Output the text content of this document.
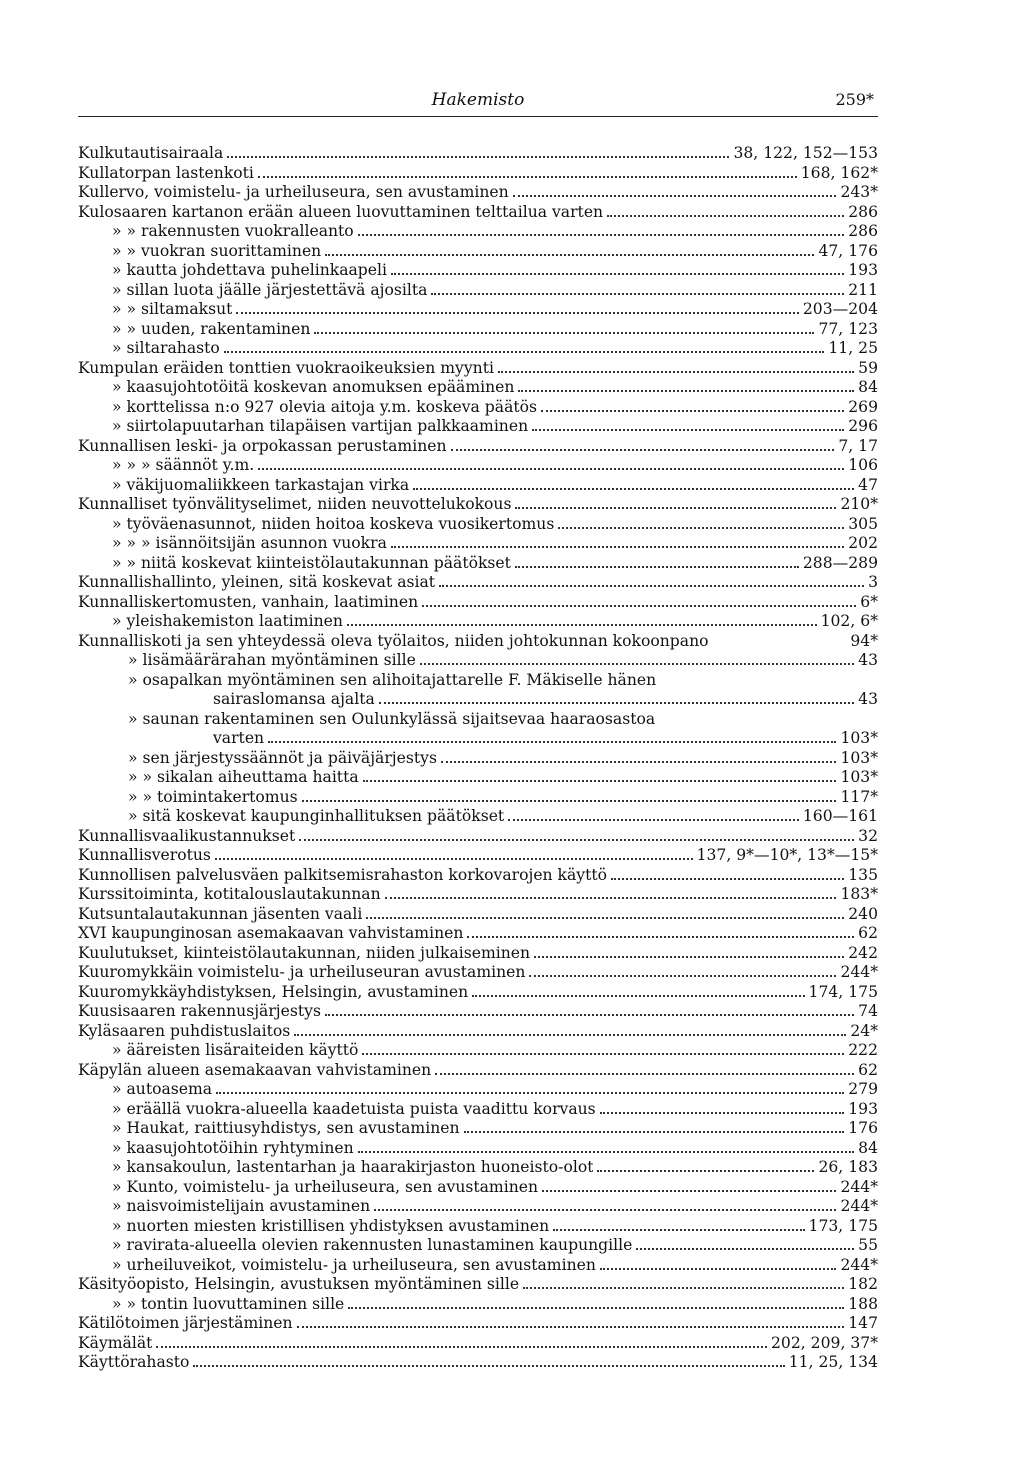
Hakemisto	259*
Kulkutautisairaala	38, 122, 152—153
Kullatorpan lastenkoti	168, 162*
Kullervo, voimistelu- ja urheiluseura, sen avustaminen	243*
Kulosaaren kartanon erään alueen luovuttaminen telttailua varten	286
» » rakennusten vuokralleanto	286
» » vuokran suorittaminen	47, 176
» kautta johdettava puhelinkaapeli	193
» sillan luota jäälle järjestettävä ajosilta	211
» » siltamaksut	203—204
» » uuden, rakentaminen	77, 123
» siltarahasto	11, 25
Kumpulan eräiden tonttien vuokraoikeuksien myynti	59
» kaasujohtotöitä koskevan anomuksen epääminen	84
» korttelissa n:o 927 olevia aitoja y.m. koskeva päätös	269
» siirtolapuutarhan tilapäisen vartijan palkkaaminen	296
Kunnallisen leski- ja orpokassan perustaminen	7, 17
» » » säännöt y.m.	106
» väkijuomaliikkeen tarkastajan virka	47
Kunnalliset työnvälityselimet, niiden neuvottelukokous	210*
» työväenasunnot, niiden hoitoa koskeva vuosikertomus	305
» » » isännöitsijän asunnon vuokra	202
» » niitä koskevat kiinteistölautakunnan päätökset	288—289
Kunnallishallinto, yleinen, sitä koskevat asiat	3
Kunnalliskertomusten, vanhain, laatiminen	6*
» yleishakemiston laatiminen	102, 6*
Kunnalliskoti ja sen yhteydessä oleva työlaitos, niiden johtokunnan kokoonpano	94*
» lisämäärärahan myöntäminen sille	43
» osapalkan myöntäminen sen alihoitajattarelle F. Mäkiselle hänen
sairaslomansa ajalta	43
» saunan rakentaminen sen Oulunkylässä sijaitsevaa haaraosastoa
varten	103*
» sen järjestyssäännöt ja päiväjärjestys	103*
» » sikalan aiheuttama haitta	103*
» » toimintakertomus	117*
» sitä koskevat kaupunginhallituksen päätökset	160—161
Kunnallisvaalikustannukset	32
Kunnallisverotus	137, 9*—10*, 13*—15*
Kunnollisen palvelusväen palkitsemisrahaston korkovarojen käyttö	135
Kurssitoiminta, kotitalouslautakunnan	183*
Kutsuntalautakunnan jäsenten vaali	240
XVI kaupunginosan asemakaavan vahvistaminen	62
Kuulutukset, kiinteistölautakunnan, niiden julkaiseminen	242
Kuuromykkäin voimistelu- ja urheiluseuran avustaminen	244*
Kuuromykkäyhdistyksen, Helsingin, avustaminen	174, 175
Kuusisaaren rakennusjärjestys	74
Kyläsaaren puhdistuslaitos	24*
» ääreisten lisäraiteiden käyttö	222
Käpylän alueen asemakaavan vahvistaminen	62
» autoasema	279
» eräällä vuokra-alueella kaadetuista puista vaadittu korvaus	193
» Haukat, raittiusyhdistys, sen avustaminen	176
» kaasujohtotöihin ryhtyminen	84
» kansakoulun, lastentarhan ja haarakirjaston huoneisto-olot	26, 183
» Kunto, voimistelu- ja urheiluseura, sen avustaminen	244*
» naisvoimistelijain avustaminen	244*
» nuorten miesten kristillisen yhdistyksen avustaminen	173, 175
» ravirata-alueella olevien rakennusten lunastaminen kaupungille	55
» urheiluveikot, voimistelu- ja urheiluseura, sen avustaminen	244*
Käsityöopisto, Helsingin, avustuksen myöntäminen sille	182
» » tontin luovuttaminen sille	188
Kätilötoimen järjestäminen	147
Käymälät	202, 209, 37*
Käyttörahasto	11, 25, 134
